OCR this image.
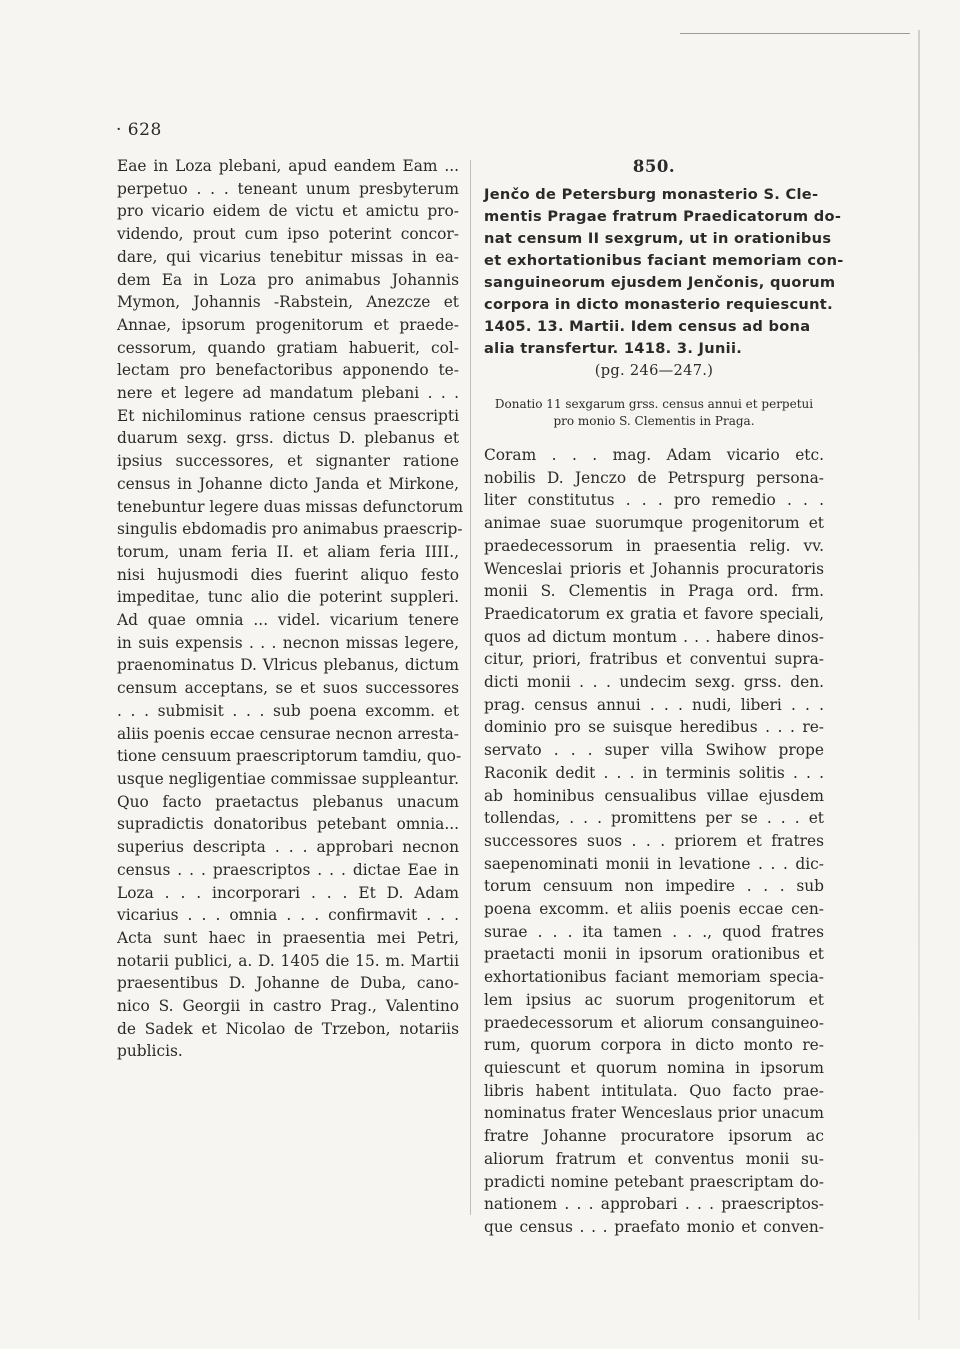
· 628

Eae in Loza plebani, apud eandem Eam ...

perpetuo . . . teneant unum presbyterum

pro vicario eidem de victu et amictu pro-

videndo, prout cum ipso poterint concor-

dare, qui vicarius tenebitur missas in ea-

dem Ea in Loza pro animabus Johannis

Mymon, Johannis -Rabstein, Anezcze et

Annae, ipsorum progenitorum et praede-

cessorum, quando gratiam habuerit, col-

lectam pro benefactoribus apponendo te-

nere et legere ad mandatum plebani . . .

Et nichilominus ratione census praescripti

duarum sexg. grss. dictus D. plebanus et

ipsius successores, et signanter ratione

census in Johanne dicto Janda et Mirkone,

tenebuntur legere duas missas defunctorum

singulis ebdomadis pro animabus praescrip-

torum, unam feria II. et aliam feria IIII.,

nisi hujusmodi dies fuerint aliquo festo

impeditae, tunc alio die poterint suppleri.

Ad quae omnia ... videl. vicarium tenere

in suis expensis . . . necnon missas legere,

praenominatus D. Vlricus plebanus, dictum

censum acceptans, se et suos successores

. . . submisit . . . sub poena excomm. et

aliis poenis eccae censurae necnon arresta-

tione censuum praescriptorum tamdiu, quo-

usque negligentiae commissae suppleantur.

Quo facto praetactus plebanus unacum

supradictis donatoribus petebant omnia...

superius descripta . . . approbari necnon

census . . . praescriptos . . . dictae Eae in

Loza . . . incorporari . . . Et D. Adam

vicarius . . . omnia . . . confirmavit . . .

Acta sunt haec in praesentia mei Petri,

notarii publici, a. D. 1405 die 15. m. Martii

praesentibus D. Johanne de Duba, cano-

nico S. Georgii in castro Prag., Valentino

de Sadek et Nicolao de Trzebon, notariis

publicis.

850.

Jenčo de Petersburg monasterio S. Cle-

mentis Pragae fratrum Praedicatorum do-

nat censum II sexgrum, ut in orationibus

et exhortationibus faciant memoriam con-

sanguineorum ejusdem Jenčonis, quorum

corpora in dicto monasterio requiescunt.

1405. 13. Martii. Idem census ad bona

alia transfertur. 1418. 3. Junii.

(pg. 246—247.)

Donatio 11 sexgarum grss. census annui et perpetui

pro monio S. Clementis in Praga.

Coram . . . mag. Adam vicario etc.

nobilis D. Jenczo de Petrspurg persona-

liter constitutus . . . pro remedio . . .

animae suae suorumque progenitorum et

praedecessorum in praesentia relig. vv.

Wenceslai prioris et Johannis procuratoris

monii S. Clementis in Praga ord. frm.

Praedicatorum ex gratia et favore speciali,

quos ad dictum montum . . . habere dinos-

citur, priori, fratribus et conventui supra-

dicti monii . . . undecim sexg. grss. den.

prag. census annui . . . nudi, liberi . . .

dominio pro se suisque heredibus . . . re-

servato . . . super villa Swihow prope

Raconik dedit . . . in terminis solitis . . .

ab hominibus censualibus villae ejusdem

tollendas, . . . promittens per se . . . et

successores suos . . . priorem et fratres

saepenominati monii in levatione . . . dic-

torum censuum non impedire . . . sub

poena excomm. et aliis poenis eccae cen-

surae . . . ita tamen . . ., quod fratres

praetacti monii in ipsorum orationibus et

exhortationibus faciant memoriam specia-

lem ipsius ac suorum progenitorum et

praedecessorum et aliorum consanguineo-

rum, quorum corpora in dicto monto re-

quiescunt et quorum nomina in ipsorum

libris habent intitulata. Quo facto prae-

nominatus frater Wenceslaus prior unacum

fratre Johanne procuratore ipsorum ac

aliorum fratrum et conventus monii su-

pradicti nomine petebant praescriptam do-

nationem . . . approbari . . . praescriptos-

que census . . . praefato monio et conven-
